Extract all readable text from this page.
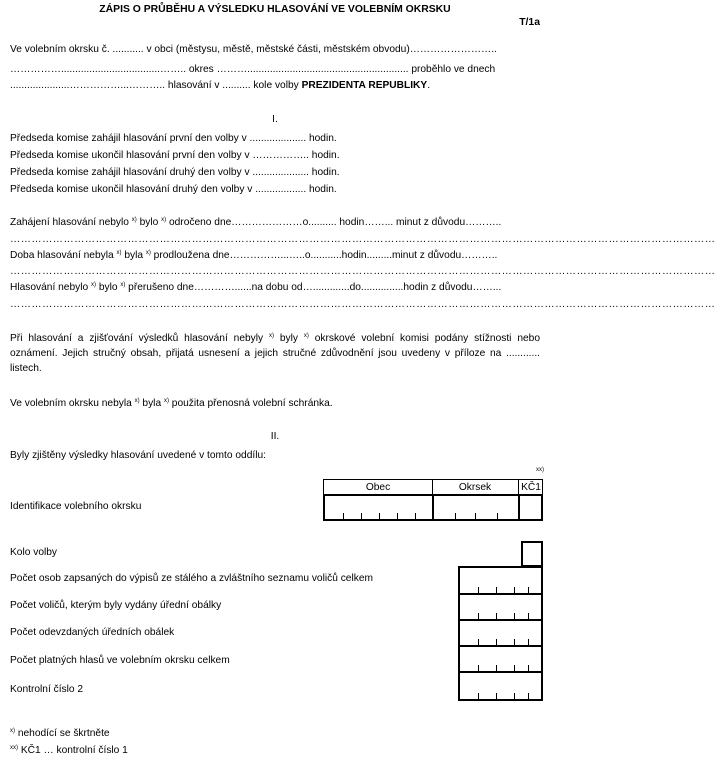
ZÁPIS O PRŮBĚHU A VÝSLEDKU HLASOVÁNÍ VE VOLEBNÍM OKRSKU
T/1a
Ve volebním okrsku č. ........... v obci (městysu, městě, městské části, městském obvodu)……………………..
……………...................................…….. okres ………......................................................... proběhlo ve dnech
.....................……………...……….. hlasování v .......... kole volby PREZIDENTA REPUBLIKY.
I.
Předseda komise zahájil hlasování první den volby v .................... hodin.
Předseda komise ukončil hlasování první den volby v …………….. hodin.
Předseda komise zahájil hlasování druhý den volby v .................... hodin.
Předseda komise ukončil hlasování druhý den volby v .................. hodin.
Zahájení hlasování nebylo $^{x)}$ bylo $^{x)}$ odročeno dne…………………o.......... hodin……... minut z důvodu………..
………………………………………………………………………………………………………………………………………………………………………………
Doba hlasování nebyla $^{x)}$ byla $^{x)}$ prodloužena dne……………...…..o...........hodin.........minut z důvodu………..
………………………………………………………………………………………………………………………………………………………………………………
Hlasování nebylo $^{x)}$ bylo $^{x)}$ přerušeno dne…………......na dobu od….............do...............hodin z důvodu……...
………………………………………………………………………………………………………………………………………………………………………………

Při hlasování a zjišťování výsledků hlasování nebyly $^{x)}$ byly $^{x)}$ okrskové volební komisi podány stížnosti nebo oznámení. Jejich stručný obsah, přijatá usnesení a jejich stručné zdůvodnění jsou uvedeny v příloze na ............ listech.

Ve volebním okrsku nebyla $^{x)}$ byla $^{x)}$ použita přenosná volební schránka.
II.
Byly zjištěny výsledky hlasování uvedené v tomto oddílu:
xx)
Obec	Okrsek	KČ1
Identifikace volebního okrsku
Kolo volby
Počet osob zapsaných do výpisů ze stálého a zvláštního seznamu voličů celkem
Počet voličů, kterým byly vydány úřední obálky
Počet odevzdaných úředních obálek
Počet platných hlasů ve volebním okrsku celkem
Kontrolní číslo 2
$^{x)}$ nehodící se škrtněte
$^{xx)}$ KČ1 … kontrolní číslo 1
